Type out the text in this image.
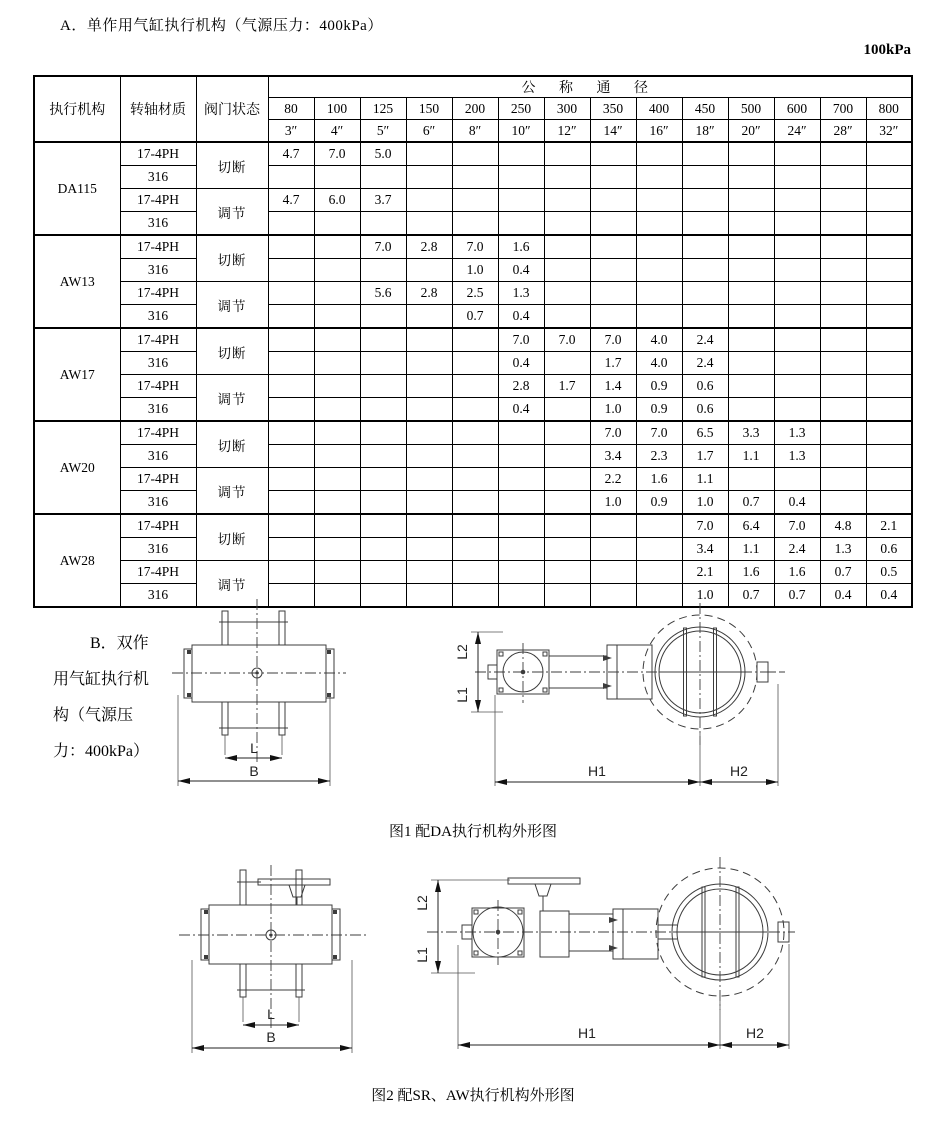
A．单作用气缸执行机构（气源压力：400kPa）
100kPa
执行机构	转轴材质	阀门状态	公 称 通 径													
			80	100	125	150	200	250	300	350	400	450	500	600	700	800
			3″	4″	5″	6″	8″	10″	12″	14″	16″	18″	20″	24″	28″	32″
DA115	17-4PH	切断	4.7	7.0	5.0											
	316															
	17-4PH	调节	4.7	6.0	3.7											
	316															
AW13	17-4PH	切断			7.0	2.8	7.0	1.6								
	316						1.0	0.4								
	17-4PH	调节			5.6	2.8	2.5	1.3								
	316						0.7	0.4								
AW17	17-4PH	切断						7.0	7.0	7.0	4.0	2.4				
	316							0.4		1.7	4.0	2.4				
	17-4PH	调节						2.8	1.7	1.4	0.9	0.6				
	316							0.4		1.0	0.9	0.6				
AW20	17-4PH	切断								7.0	7.0	6.5	3.3	1.3		
	316									3.4	2.3	1.7	1.1	1.3		
	17-4PH	调节								2.2	1.6	1.1				
	316									1.0	0.9	1.0	0.7	0.4		
AW28	17-4PH	切断										7.0	6.4	7.0	4.8	2.1
	316											3.4	1.1	2.4	1.3	0.6
	17-4PH	调节										2.1	1.6	1.6	0.7	0.5
	316											1.0	0.7	0.7	0.4	0.4
B．双作
用气缸执行机
构（气源压
力：400kPa）	L
B
L2
L1
H1	H2
图1 配DA执行机构外形图
L
B
L2
L1
H1	H2
图2 配SR、AW执行机构外形图
